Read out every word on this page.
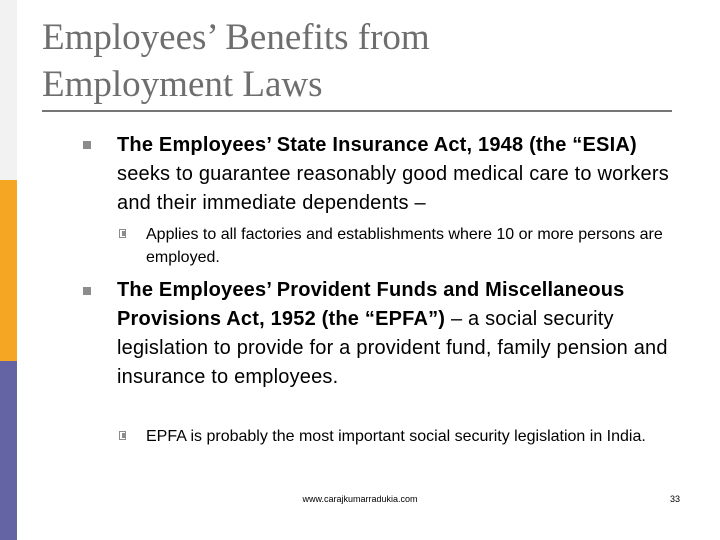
Employees’ Benefits from
Employment Laws
The Employees’ State Insurance Act, 1948 (the “ESIA) seeks to guarantee reasonably good medical care to workers and their immediate dependents –
Applies to all factories and establishments where 10 or more persons are employed.
The Employees’ Provident Funds and Miscellaneous Provisions Act, 1952 (the “EPFA”) – a social security legislation to provide for a provident fund, family pension and insurance to employees.
EPFA is probably the most important social security legislation in India.
www.carajkumarradukia.com	33
